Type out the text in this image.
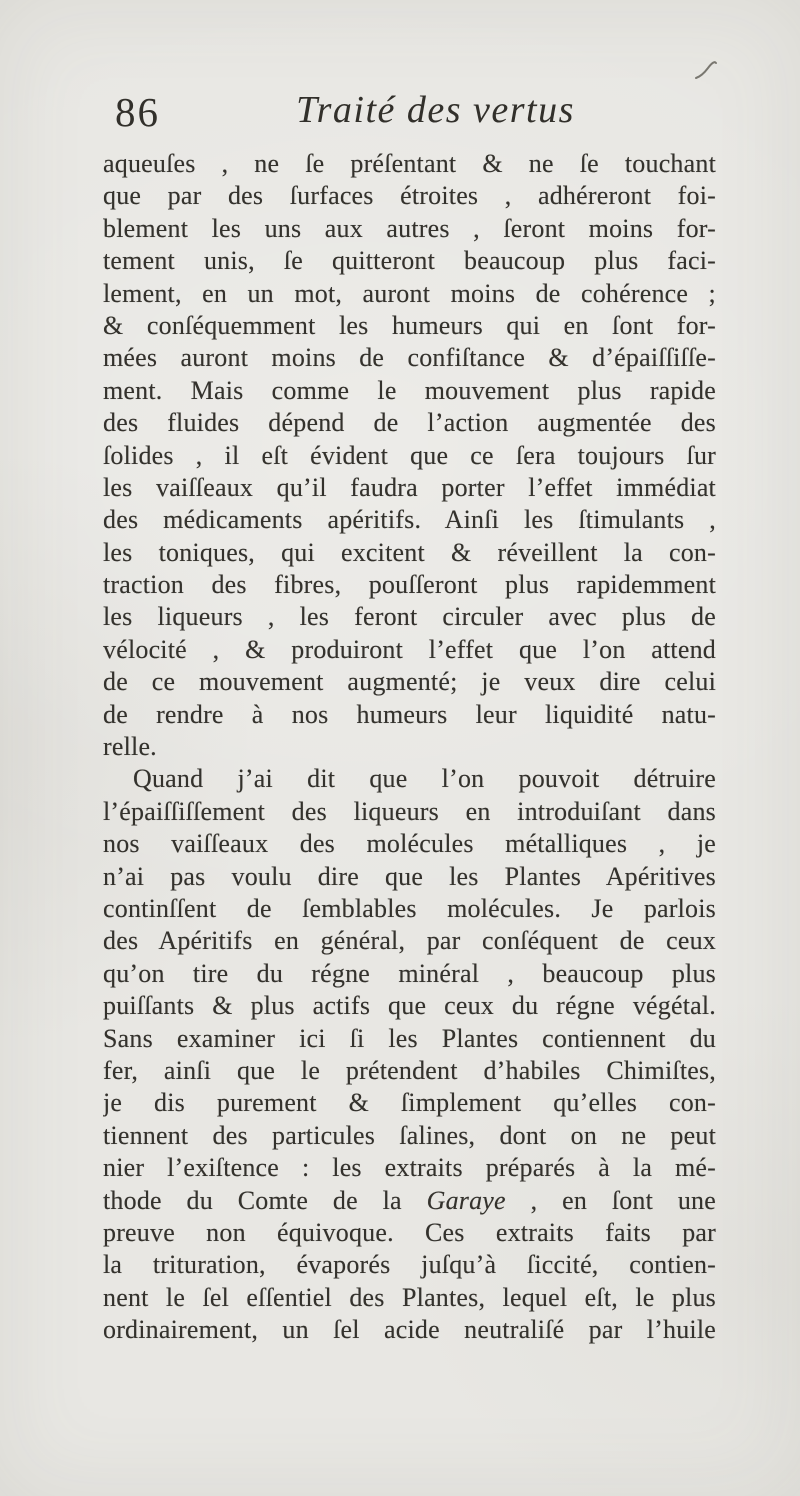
86	Traité des vertus
aqueuſes , ne ſe préſentant & ne ſe touchant
que par des ſurfaces étroites , adhéreront foi-
blement les uns aux autres , ſeront moins for-
tement unis, ſe quitteront beaucoup plus faci-
lement, en un mot, auront moins de cohérence ;
& conſéquemment les humeurs qui en ſont for-
mées auront moins de confiſtance & d’épaiſſiſſe-
ment. Mais comme le mouvement plus rapide
des fluides dépend de l’action augmentée des
ſolides , il eſt évident que ce ſera toujours ſur
les vaiſſeaux qu’il faudra porter l’effet immédiat
des médicaments apéritifs. Ainſi les ſtimulants ,
les toniques, qui excitent & réveillent la con-
traction des fibres, pouſſeront plus rapidemment
les liqueurs , les feront circuler avec plus de
vélocité , & produiront l’effet que l’on attend
de ce mouvement augmenté; je veux dire celui
de rendre à nos humeurs leur liquidité natu-
relle.
Quand j’ai dit que l’on pouvoit détruire
l’épaiſſiſſement des liqueurs en introduiſant dans
nos vaiſſeaux des molécules métalliques , je
n’ai pas voulu dire que les Plantes Apéritives
continſſent de ſemblables molécules. Je parlois
des Apéritifs en général, par conſéquent de ceux
qu’on tire du régne minéral , beaucoup plus
puiſſants & plus actifs que ceux du régne végétal.
Sans examiner ici ſi les Plantes contiennent du
fer, ainſi que le prétendent d’habiles Chimiſtes,
je dis purement & ſimplement qu’elles con-
tiennent des particules ſalines, dont on ne peut
nier l’exiſtence : les extraits préparés à la mé-
thode du Comte de la Garaye , en ſont une
preuve non équivoque. Ces extraits faits par
la trituration, évaporés juſqu’à ſiccité, contien-
nent le ſel eſſentiel des Plantes, lequel eſt, le plus
ordinairement, un ſel acide neutraliſé par l’huile
